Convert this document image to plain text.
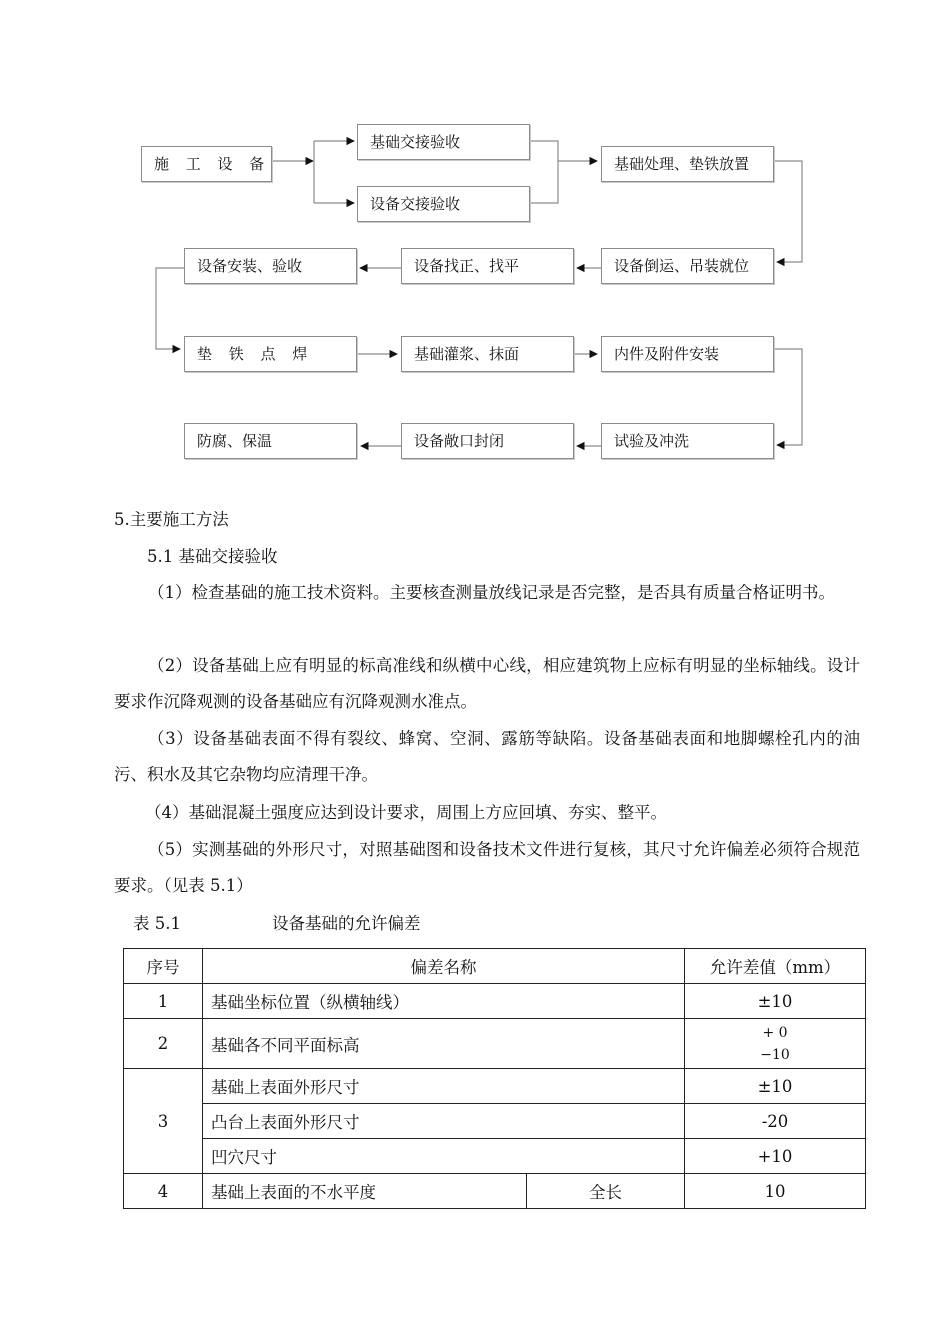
施 工 设 备
基础交接验收
设备交接验收
基础处理、垫铁放置
设备安装、验收	设备找正、找平	设备倒运、吊装就位
垫 铁 点 焊	基础灌浆、抹面	内件及附件安装
防腐、保温	设备敞口封闭	试验及冲洗
5.主要施工方法
5.1 基础交接验收
（1）检查基础的施工技术资料。主要核查测量放线记录是否完整，是否具有质量合格证明书。
（2）设备基础上应有明显的标高准线和纵横中心线，相应建筑物上应标有明显的坐标轴线。设计要求作沉降观测的设备基础应有沉降观测水准点。
（3）设备基础表面不得有裂纹、蜂窝、空洞、露筋等缺陷。设备基础表面和地脚螺栓孔内的油污、积水及其它杂物均应清理干净。
（4）基础混凝土强度应达到设计要求，周围上方应回填、夯实、整平。
（5）实测基础的外形尺寸，对照基础图和设备技术文件进行复核，其尺寸允许偏差必须符合规范要求。（见表 5.1）
表 5.1	设备基础的允许偏差
序号	偏差名称		允许差值（mm）
1	基础坐标位置（纵横轴线）		±10
2	基础各不同平面标高		+ 0
−10

3	基础上表面外形尺寸		±10
	凸台上表面外形尺寸		-20
	凹穴尺寸		+10
4	基础上表面的不水平度	全长	10
